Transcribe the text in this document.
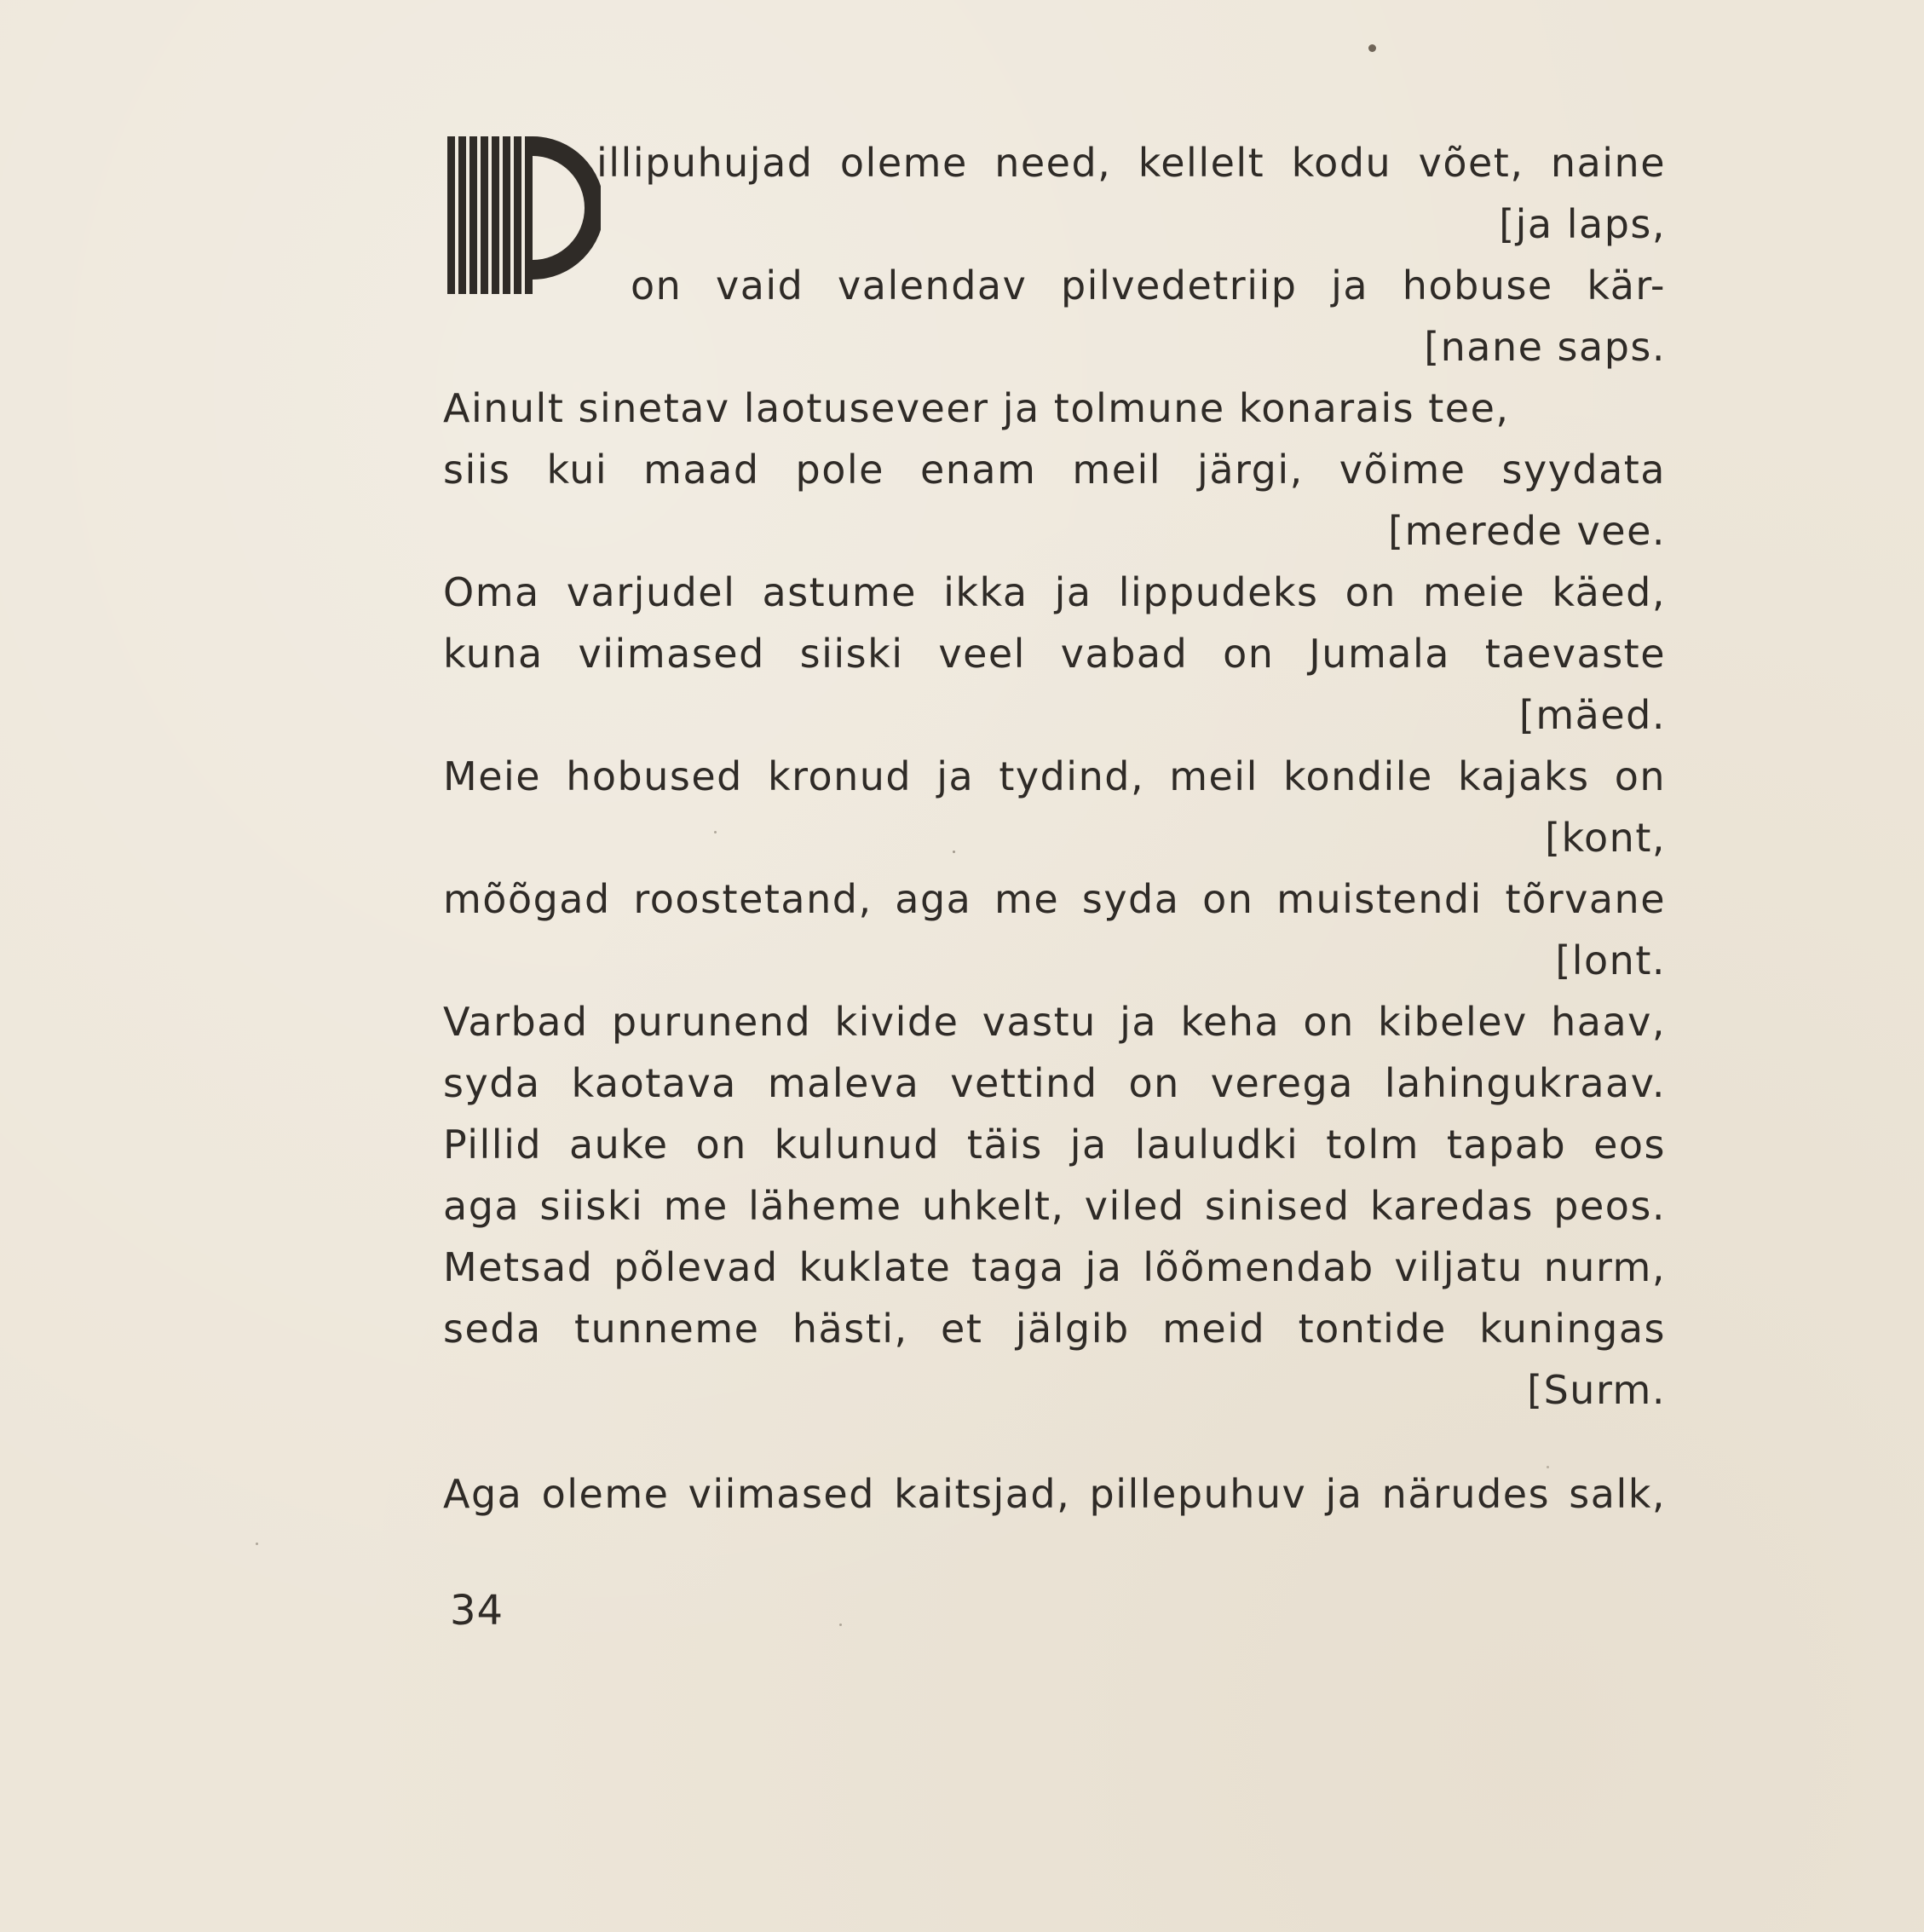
illipuhujad oleme need, kellelt kodu võet, naine
[ja laps,
on vaid valendav pilvedetriip ja hobuse kär-
[nane saps.
Ainult sinetav laotuseveer ja tolmune konarais tee,
siis kui maad pole enam meil järgi, võime syydata
[merede vee.
Oma varjudel astume ikka ja lippudeks on meie käed,
kuna viimased siiski veel vabad on Jumala taevaste
[mäed.
Meie hobused kronud ja tydind, meil kondile kajaks on
[kont,
mõõgad roostetand, aga me syda on muistendi tõrvane
[lont.
Varbad purunend kivide vastu ja keha on kibelev haav,
syda kaotava maleva vettind on verega lahingukraav.
Pillid auke on kulunud täis ja lauludki tolm tapab eos
aga siiski me läheme uhkelt, viled sinised karedas peos.
Metsad põlevad kuklate taga ja lõõmendab viljatu nurm,
seda tunneme hästi, et jälgib meid tontide kuningas
[Surm.
Aga oleme viimased kaitsjad, pillepuhuv ja närudes salk,
34
